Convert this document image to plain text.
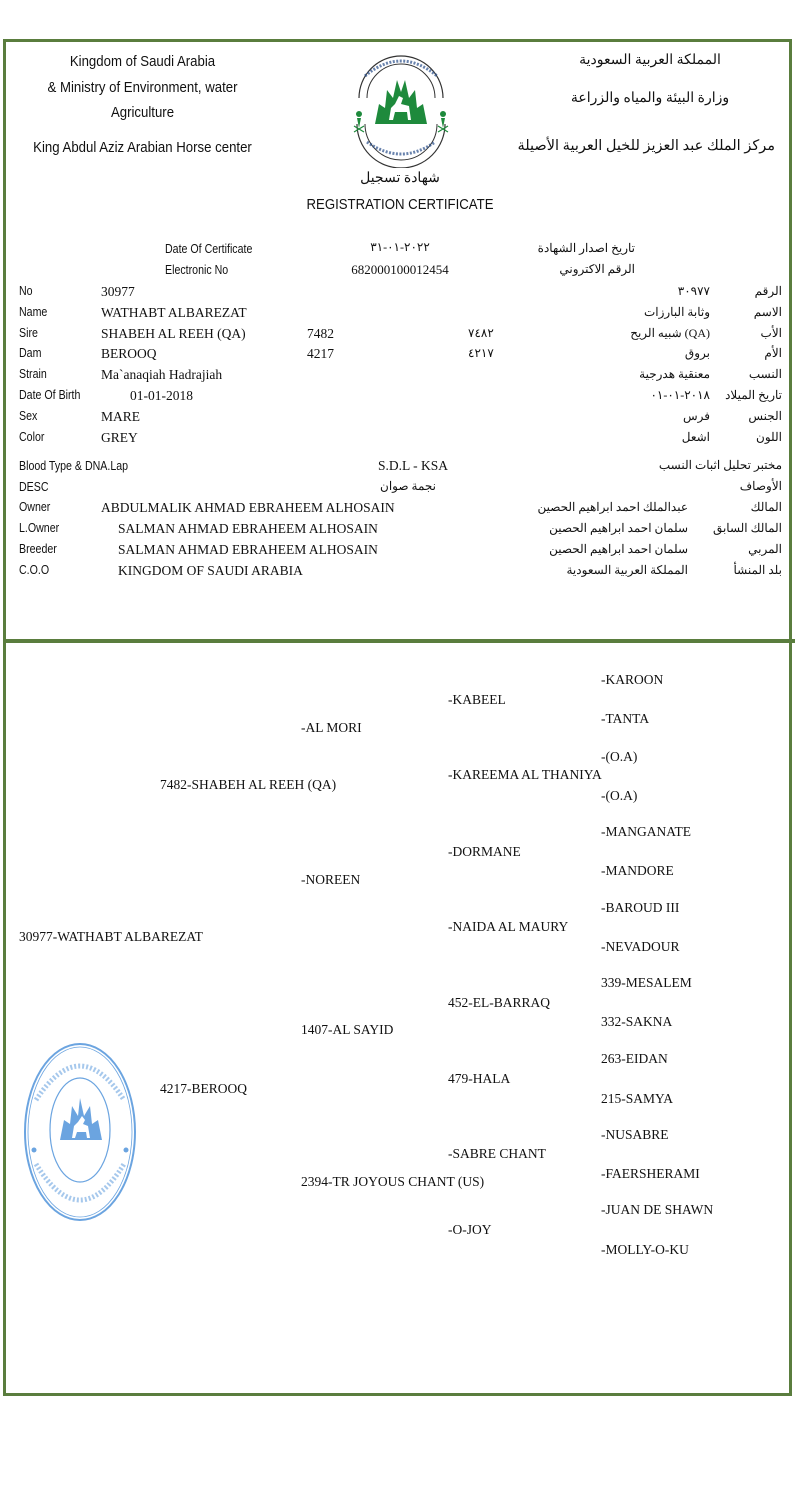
Kingdom of Saudi Arabia
& Ministry of Environment, water
Agriculture
King Abdul Aziz Arabian Horse center
المملكة العربية السعودية
وزارة البيئة والمياه والزراعة
مركز الملك عبد العزيز للخيل العربية الأصيلة
شهادة تسجيل
REGISTRATION CERTIFICATE
Date Of Certificate	٢٠٢٢-٠١-٣١	تاريخ اصدار الشهادة
Electronic No	682000100012454	الرقم الاكتروني
No	30977	٣٠٩٧٧	الرقم
Name	WATHABT ALBAREZAT	وثابة البارزات	الاسم
Sire	SHABEH AL REEH (QA)	7482	٧٤٨٢	(QA) شبيه الريح	الأب
Dam	BEROOQ	4217	٤٢١٧	بروق	الأم
Strain	Ma`anaqiah Hadrajiah	معنقية هدرجية	النسب
Date Of Birth	01-01-2018	٢٠١٨-٠١-٠١ تاريخ الميلاد
Sex	MARE	فرس	الجنس
Color	GREY	اشعل	اللون
Blood Type & DNA.Lap	S.D.L - KSA	مختبر تحليل اثبات النسب
DESC	نجمة صوان	الأوصاف
Owner	ABDULMALIK AHMAD EBRAHEEM ALHOSAIN	عبدالملك احمد ابراهيم الحصين	المالك
L.Owner	SALMAN AHMAD EBRAHEEM ALHOSAIN	سلمان احمد ابراهيم الحصين المالك السابق
Breeder	SALMAN AHMAD EBRAHEEM ALHOSAIN	سلمان احمد ابراهيم الحصين	المربي
C.O.O	KINGDOM OF SAUDI ARABIA	المملكة العربية السعودية	بلد المنشأ
30977-WATHABT ALBAREZAT
7482-SHABEH AL REEH (QA)
4217-BEROOQ
-AL MORI
-NOREEN
1407-AL SAYID
2394-TR JOYOUS CHANT (US)
-KABEEL
-KAREEMA AL THANIYA
-DORMANE
-NAIDA AL MAURY
452-EL-BARRAQ
479-HALA
-SABRE CHANT
-O-JOY
-KAROON
-TANTA
-(O.A)
-(O.A)
-MANGANATE
-MANDORE
-BAROUD III
-NEVADOUR
339-MESALEM
332-SAKNA
263-EIDAN
215-SAMYA
-NUSABRE
-FAERSHERAMI
-JUAN DE SHAWN
-MOLLY-O-KU
